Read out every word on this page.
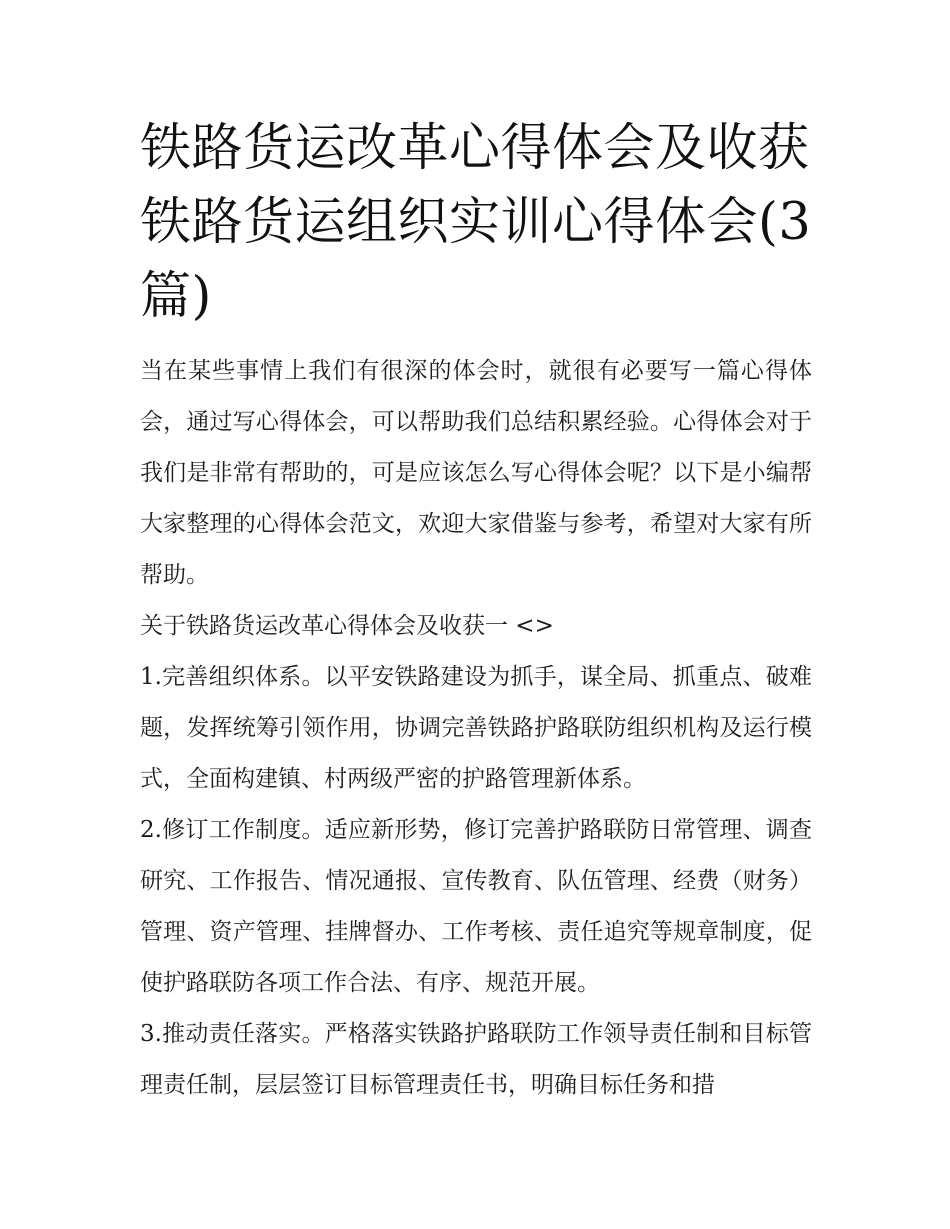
铁路货运改革心得体会及收获铁路货运组织实训心得体会(3篇)

当在某些事情上我们有很深的体会时，就很有必要写一篇心得体会，通过写心得体会，可以帮助我们总结积累经验。心得体会对于我们是非常有帮助的，可是应该怎么写心得体会呢？以下是小编帮大家整理的心得体会范文，欢迎大家借鉴与参考，希望对大家有所帮助。

关于铁路货运改革心得体会及收获一 <>

1.完善组织体系。以平安铁路建设为抓手，谋全局、抓重点、破难题，发挥统筹引领作用，协调完善铁路护路联防组织机构及运行模式，全面构建镇、村两级严密的护路管理新体系。

2.修订工作制度。适应新形势，修订完善护路联防日常管理、调查研究、工作报告、情况通报、宣传教育、队伍管理、经费（财务）管理、资产管理、挂牌督办、工作考核、责任追究等规章制度，促使护路联防各项工作合法、有序、规范开展。

3.推动责任落实。严格落实铁路护路联防工作领导责任制和目标管理责任制，层层签订目标管理责任书，明确目标任务和措
